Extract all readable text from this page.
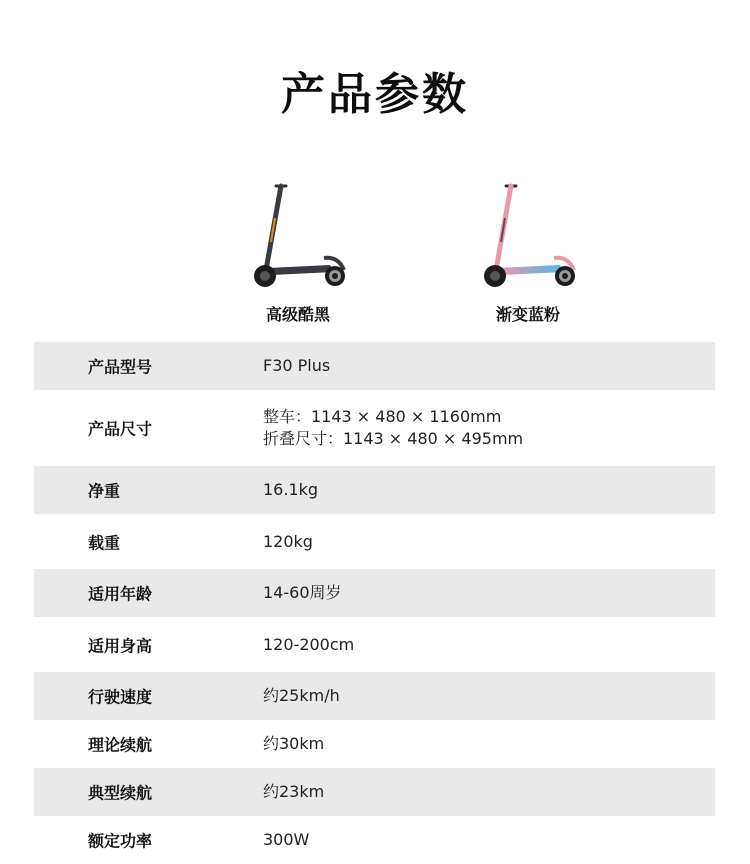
产品参数
高级酷黑	渐变蓝粉
产品型号	F30 Plus
产品尺寸
整车：1143 × 480 × 1160mm
折叠尺寸：1143 × 480 × 495mm
净重	16.1kg
载重	120kg
适用年龄	14-60周岁
适用身高	120-200cm
行驶速度	约25km/h
理论续航	约30km
典型续航	约23km
额定功率	300W
